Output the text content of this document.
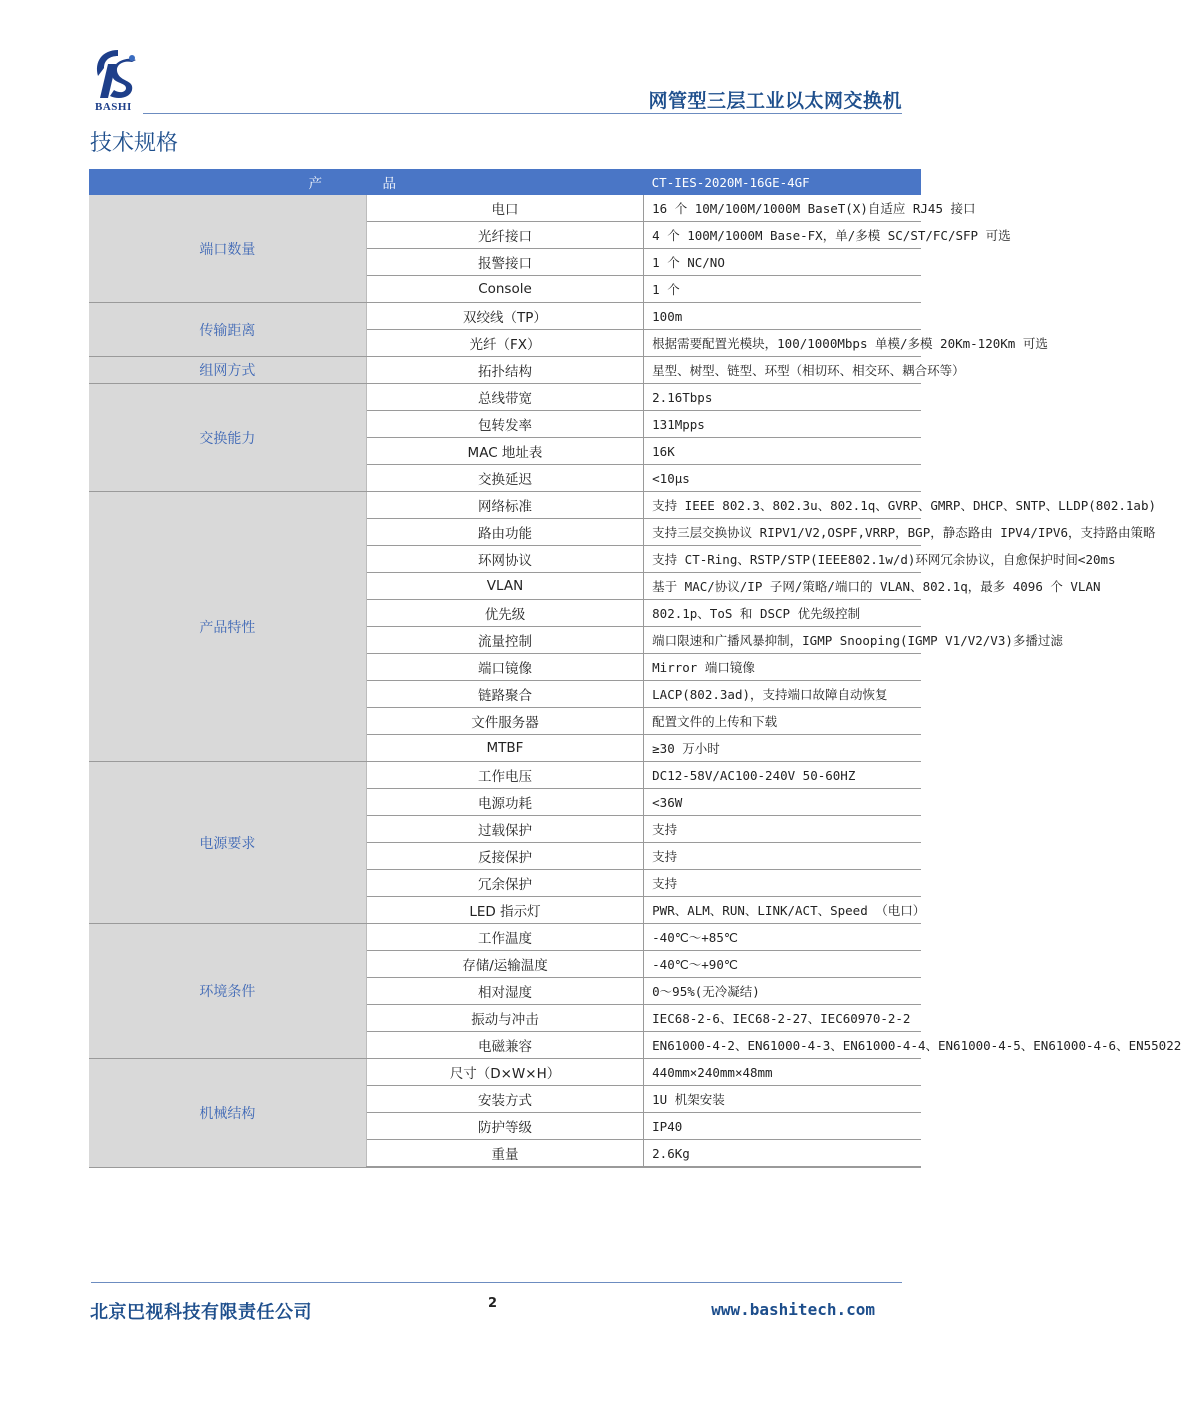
BASHI	网管型三层工业以太网交换机
技术规格
产 品		CT-IES-2020M-16GE-4GF
端口数量	电口	16 个 10M/100M/1000M BaseT(X)自适应 RJ45 接口
	光纤接口	4 个 100M/1000M Base-FX，单/多模 SC/ST/FC/SFP 可选
	报警接口	1 个 NC/NO
	Console	1 个
传输距离	双绞线（TP）	100m
	光纤（FX）	根据需要配置光模块，100/1000Mbps 单模/多模 20Km-120Km 可选
组网方式	拓扑结构	星型、树型、链型、环型（相切环、相交环、耦合环等）
交换能力	总线带宽	2.16Tbps
	包转发率	131Mpps
	MAC 地址表	16K
	交换延迟	<10μs
产品特性	网络标准	支持 IEEE 802.3、802.3u、802.1q、GVRP、GMRP、DHCP、SNTP、LLDP(802.1ab)
	路由功能	支持三层交换协议 RIPV1/V2,OSPF,VRRP，BGP，静态路由 IPV4/IPV6，支持路由策略
	环网协议	支持 CT-Ring、RSTP/STP(IEEE802.1w/d)环网冗余协议，自愈保护时间<20ms
	VLAN	基于 MAC/协议/IP 子网/策略/端口的 VLAN、802.1q，最多 4096 个 VLAN
	优先级	802.1p、ToS 和 DSCP 优先级控制
	流量控制	端口限速和广播风暴抑制，IGMP Snooping(IGMP V1/V2/V3)多播过滤
	端口镜像	Mirror 端口镜像
	链路聚合	LACP(802.3ad)，支持端口故障自动恢复
	文件服务器	配置文件的上传和下载
	MTBF	≥30 万小时
电源要求	工作电压	DC12-58V/AC100-240V 50-60HZ
	电源功耗	<36W
	过载保护	支持
	反接保护	支持
	冗余保护	支持
	LED 指示灯	PWR、ALM、RUN、LINK/ACT、Speed （电口）
环境条件	工作温度	-40℃～+85℃
	存储/运输温度	-40℃～+90℃
	相对湿度	0～95%(无冷凝结)
	振动与冲击	IEC68-2-6、IEC68-2-27、IEC60970-2-2
	电磁兼容	EN61000-4-2、EN61000-4-3、EN61000-4-4、EN61000-4-5、EN61000-4-6、EN55022
机械结构	尺寸（D×W×H）	440mm×240mm×48mm
	安装方式	1U 机架安装
	防护等级	IP40
	重量	2.6Kg
北京巴视科技有限责任公司	2	www.bashitech.com
